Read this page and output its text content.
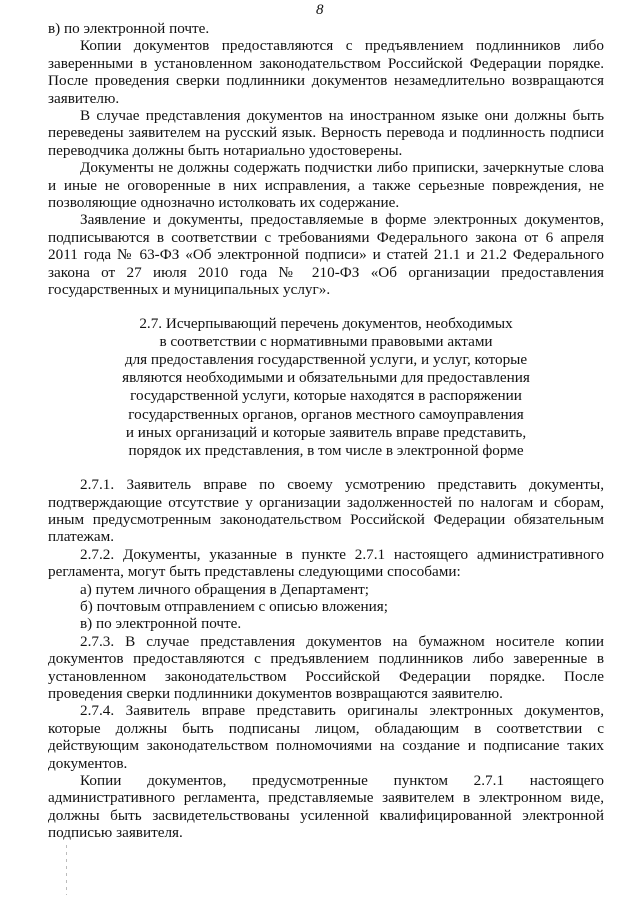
8

в) по электронной почте.

Копии документов предоставляются с предъявлением подлинников либо заверенными в установленном законодательством Российской Федерации порядке. После проведения сверки подлинники документов незамедлительно возвращаются заявителю.

В случае представления документов на иностранном языке они должны быть переведены заявителем на русский язык. Верность перевода и подлинность подписи переводчика должны быть нотариально удостоверены.

Документы не должны содержать подчистки либо приписки, зачеркнутые слова и иные не оговоренные в них исправления, а также серьезные повреждения, не позволяющие однозначно истолковать их содержание.

Заявление и документы, предоставляемые в форме электронных документов, подписываются в соответствии с требованиями Федерального закона от 6 апреля 2011 года № 63-ФЗ «Об электронной подписи» и статей 21.1 и 21.2 Федерального закона от 27 июля 2010 года № 210-ФЗ «Об организации предоставления государственных и муниципальных услуг».

2.7. Исчерпывающий перечень документов, необходимых
в соответствии с нормативными правовыми актами
для предоставления государственной услуги, и услуг, которые
являются необходимыми и обязательными для предоставления
государственной услуги, которые находятся в распоряжении
государственных органов, органов местного самоуправления
и иных организаций и которые заявитель вправе представить,
порядок их представления, в том числе в электронной форме

2.7.1. Заявитель вправе по своему усмотрению представить документы, подтверждающие отсутствие у организации задолженностей по налогам и сборам, иным предусмотренным законодательством Российской Федерации обязательным платежам.

2.7.2. Документы, указанные в пункте 2.7.1 настоящего административного регламента, могут быть представлены следующими способами:

а) путем личного обращения в Департамент;

б) почтовым отправлением с описью вложения;

в) по электронной почте.

2.7.3. В случае представления документов на бумажном носителе копии документов предоставляются с предъявлением подлинников либо заверенные в установленном законодательством Российской Федерации порядке. После проведения сверки подлинники документов возвращаются заявителю.

2.7.4. Заявитель вправе представить оригиналы электронных документов, которые должны быть подписаны лицом, обладающим в соответствии с действующим законодательством полномочиями на создание и подписание таких документов.

Копии документов, предусмотренные пунктом 2.7.1 настоящего административного регламента, представляемые заявителем в электронном виде, должны быть засвидетельствованы усиленной квалифицированной электронной подписью заявителя.
